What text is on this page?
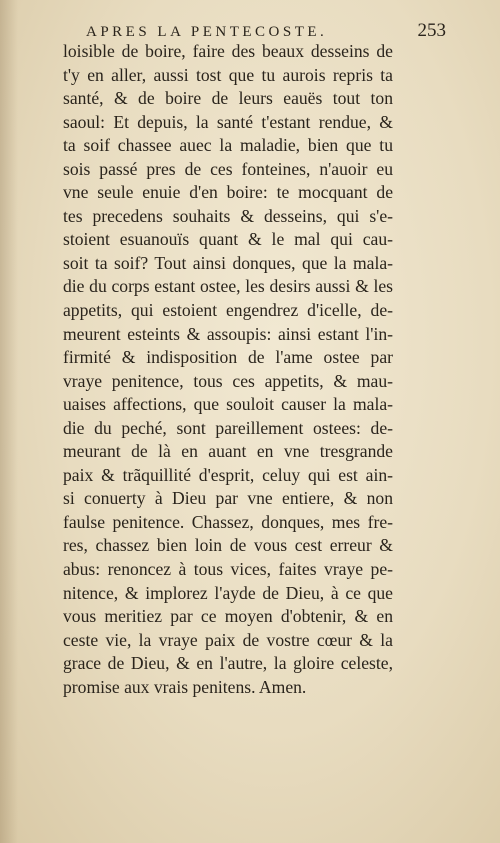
APRES LA PENTECOSTE.	253
loisible de boire, faire des beaux desseins de
t'y en aller, aussi tost que tu aurois repris ta
santé, & de boire de leurs eauës tout ton
saoul: Et depuis, la santé t'estant rendue, &
ta soif chassee auec la maladie, bien que tu
sois passé pres de ces fonteines, n'auoir eu
vne seule enuie d'en boire: te mocquant de
tes precedens souhaits & desseins, qui s'e-
stoient esuanouïs quant & le mal qui cau-
soit ta soif? Tout ainsi donques, que la mala-
die du corps estant ostee, les desirs aussi & les
appetits, qui estoient engendrez d'icelle, de-
meurent esteints & assoupis: ainsi estant l'in-
firmité & indisposition de l'ame ostee par
vraye penitence, tous ces appetits, & mau-
uaises affections, que souloit causer la mala-
die du peché, sont pareillement ostees: de-
meurant de là en auant en vne tresgrande
paix & trãquillité d'esprit, celuy qui est ain-
si conuerty à Dieu par vne entiere, & non
faulse penitence. Chassez, donques, mes fre-
res, chassez bien loin de vous cest erreur &
abus: renoncez à tous vices, faites vraye pe-
nitence, & implorez l'ayde de Dieu, à ce que
vous meritiez par ce moyen d'obtenir, & en
ceste vie, la vraye paix de vostre cœur & la
grace de Dieu, & en l'autre, la gloire celeste,
promise aux vrais penitens. Amen.
